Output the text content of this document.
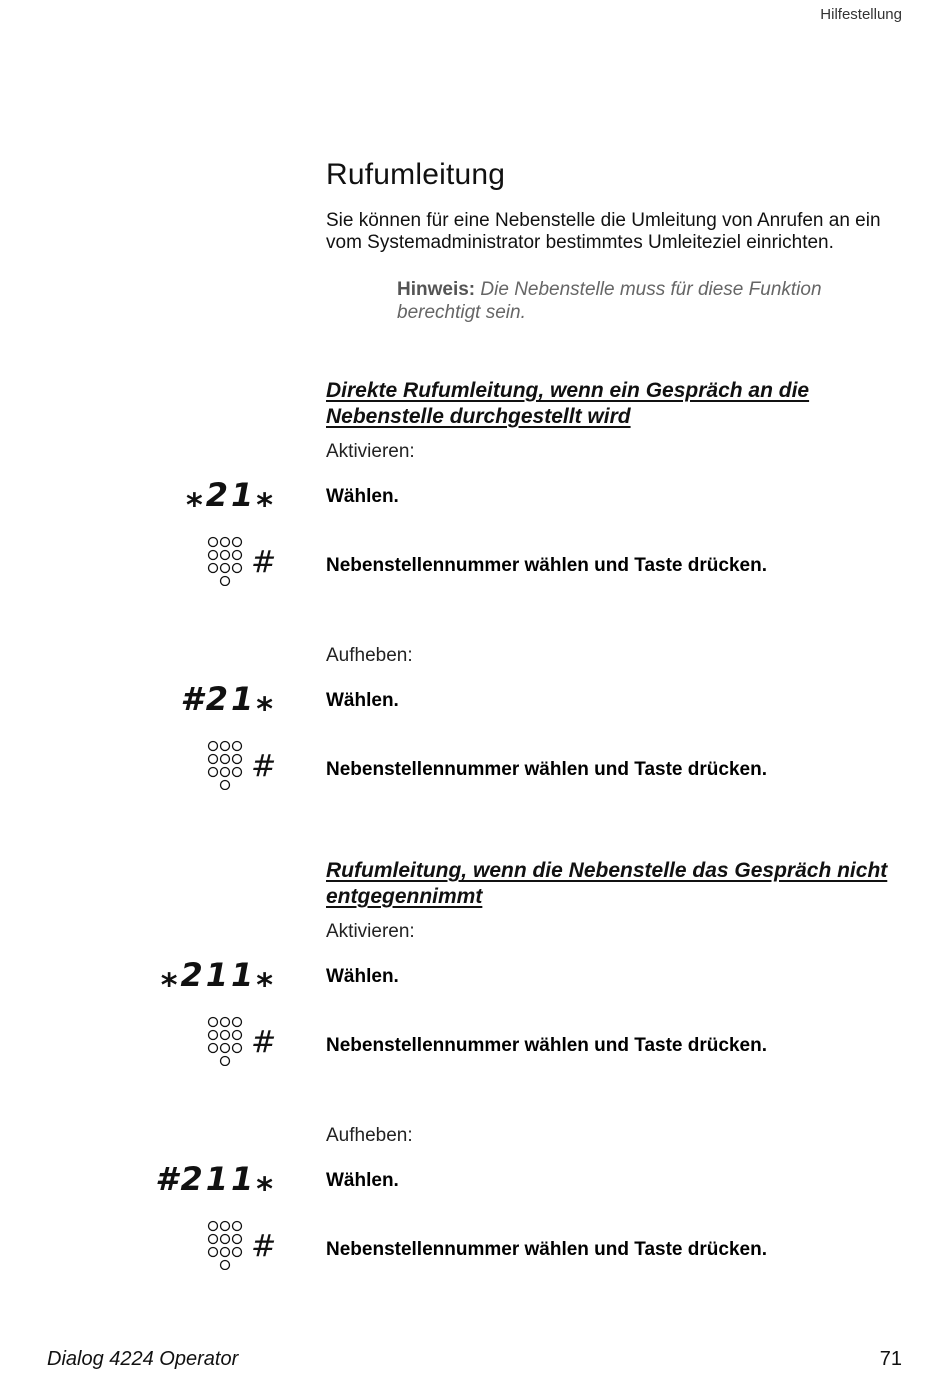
Hilfestellung
Rufumleitung

Sie können für eine Nebenstelle die Umleitung von Anrufen an ein vom Systemadministrator bestimmtes Umleiteziel einrichten.

Hinweis: Die Nebenstelle muss für diese Funktion berechtigt sein.
Direkte Rufumleitung, wenn ein Gespräch an die Nebenstelle durchgestellt wird
Aktivieren:
⁎21⁎	Wählen.
#	Nebenstellennummer wählen und Taste drücken.
Aufheben:
#21⁎	Wählen.
#	Nebenstellennummer wählen und Taste drücken.
Rufumleitung, wenn die Nebenstelle das Gespräch nicht entgegennimmt
Aktivieren:
⁎211⁎	Wählen.
#	Nebenstellennummer wählen und Taste drücken.
Aufheben:
#211⁎	Wählen.
#	Nebenstellennummer wählen und Taste drücken.
Dialog 4224 Operator	71
